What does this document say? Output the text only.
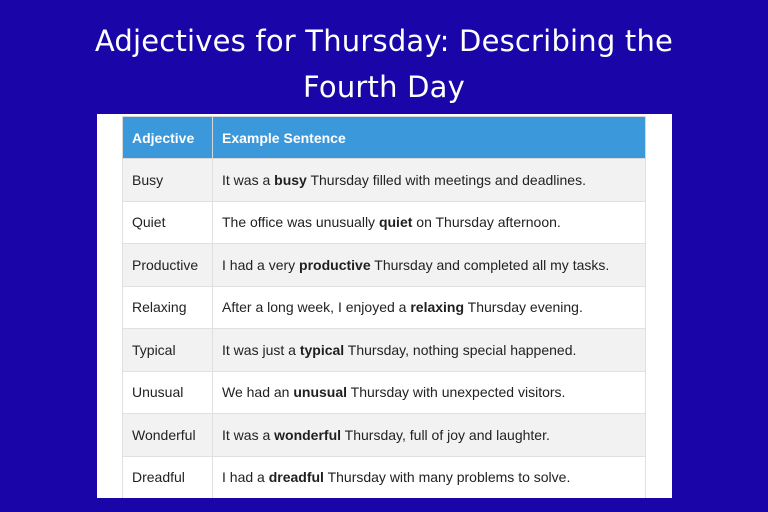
Adjectives for Thursday: Describing the
Fourth Day
Adjective	Example Sentence
Busy	It was a busy Thursday filled with meetings and deadlines.
Quiet	The office was unusually quiet on Thursday afternoon.
Productive	I had a very productive Thursday and completed all my tasks.
Relaxing	After a long week, I enjoyed a relaxing Thursday evening.
Typical	It was just a typical Thursday, nothing special happened.
Unusual	We had an unusual Thursday with unexpected visitors.
Wonderful	It was a wonderful Thursday, full of joy and laughter.
Dreadful	I had a dreadful Thursday with many problems to solve.
